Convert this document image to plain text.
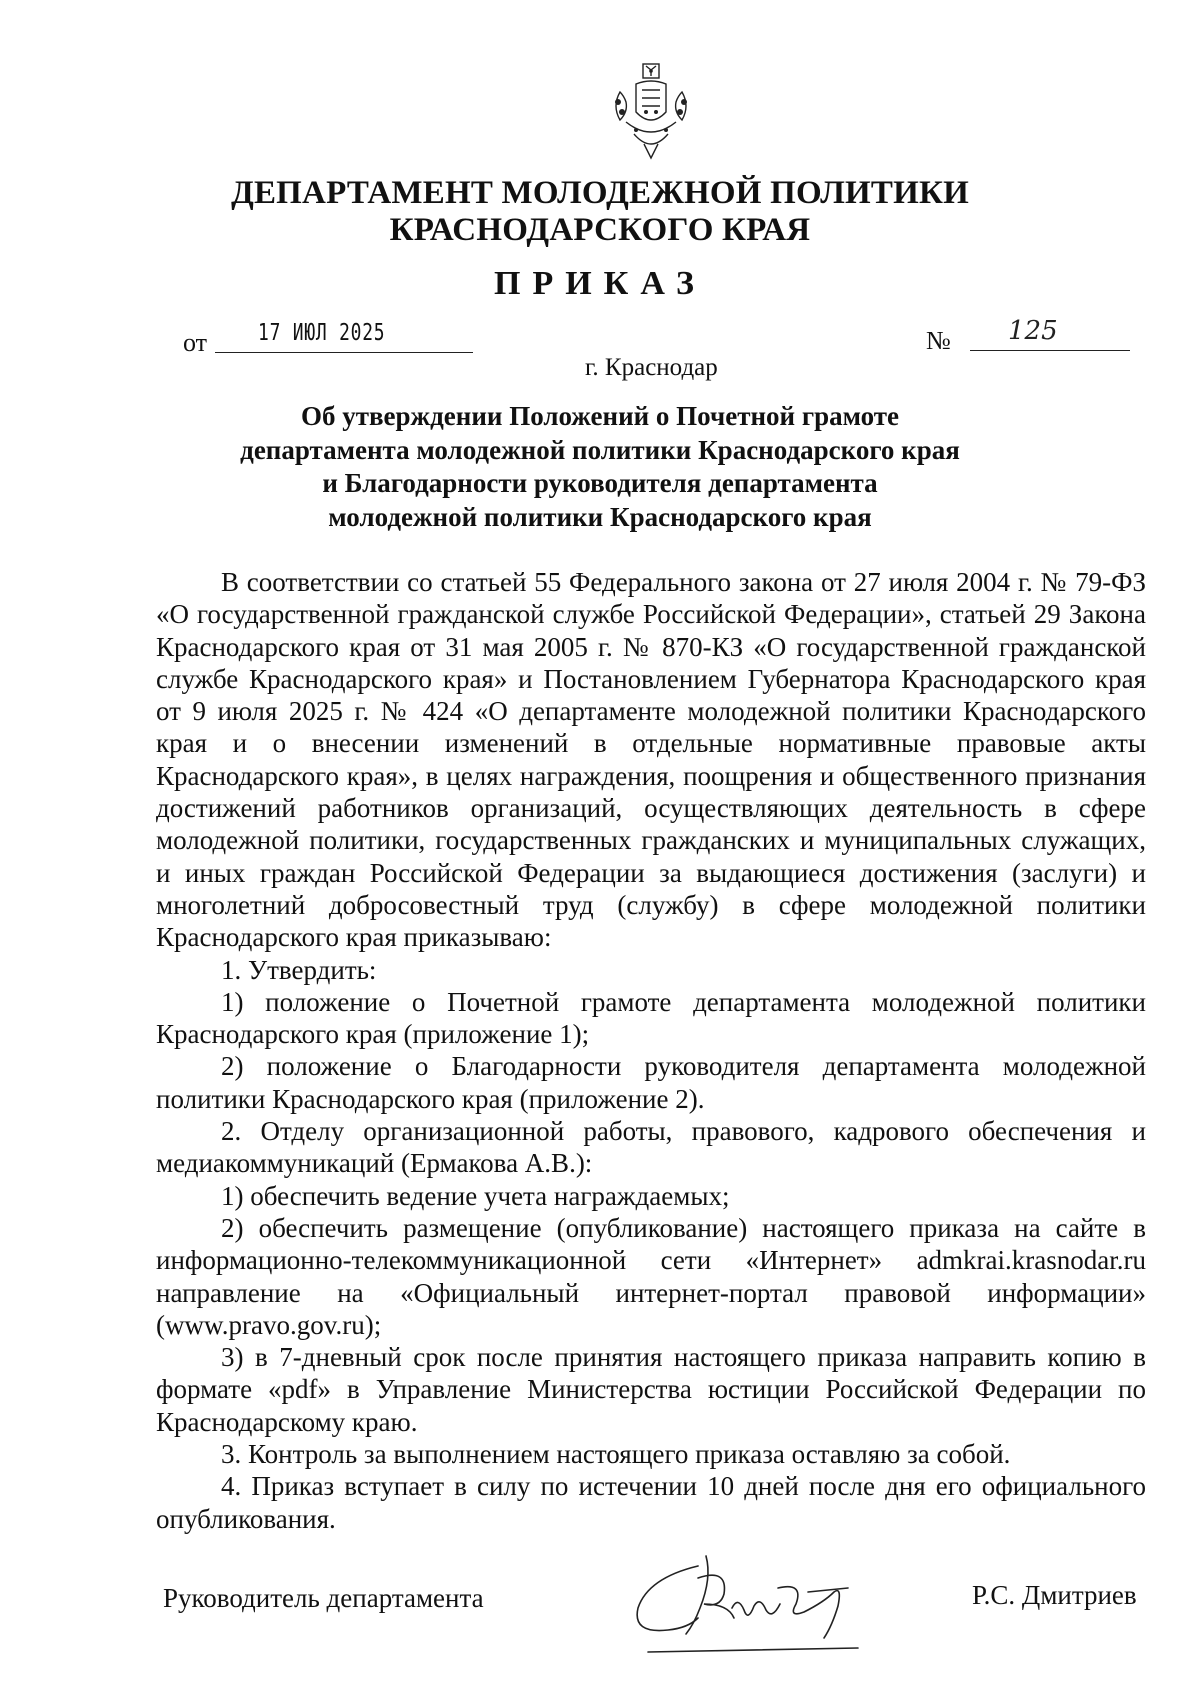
ДЕПАРТАМЕНТ МОЛОДЕЖНОЙ ПОЛИТИКИ
КРАСНОДАРСКОГО КРАЯ
ПРИКАЗ
от 17 ИЮЛ 2025	№ 125
г. Краснодар
Об утверждении Положений о Почетной грамоте
департамента молодежной политики Краснодарского края
и Благодарности руководителя департамента
молодежной политики Краснодарского края

В соответствии со статьей 55 Федерального закона от 27 июля 2004 г. № 79-ФЗ «О государственной гражданской службе Российской Федерации», статьей 29 Закона Краснодарского края от 31 мая 2005 г. № 870-КЗ «О государственной гражданской службе Краснодарского края» и Постановлением Губернатора Краснодарского края от 9 июля 2025 г. № 424 «О департаменте молодежной политики Краснодарского края и о внесении изменений в отдельные нормативные правовые акты Краснодарского края», в целях награждения, поощрения и общественного признания достижений работников организаций, осуществляющих деятельность в сфере молодежной политики, государственных гражданских и муниципальных служащих, и иных граждан Российской Федерации за выдающиеся достижения (заслуги) и многолетний добросовестный труд (службу) в сфере молодежной политики Краснодарского края приказываю:

1. Утвердить:

1) положение о Почетной грамоте департамента молодежной политики Краснодарского края (приложение 1);

2) положение о Благодарности руководителя департамента молодежной политики Краснодарского края (приложение 2).

2. Отделу организационной работы, правового, кадрового обеспечения и медиакоммуникаций (Ермакова А.В.):

1) обеспечить ведение учета награждаемых;

2) обеспечить размещение (опубликование) настоящего приказа на сайте в информационно-телекоммуникационной сети «Интернет» admkrai.krasnodar.ru направление на «Официальный интернет-портал правовой информации» (www.pravo.gov.ru);

3) в 7-дневный срок после принятия настоящего приказа направить копию в формате «pdf» в Управление Министерства юстиции Российской Федерации по Краснодарскому краю.

3. Контроль за выполнением настоящего приказа оставляю за собой.

4. Приказ вступает в силу по истечении 10 дней после дня его официального опубликования.

Руководитель департамента	Р.С. Дмитриев
